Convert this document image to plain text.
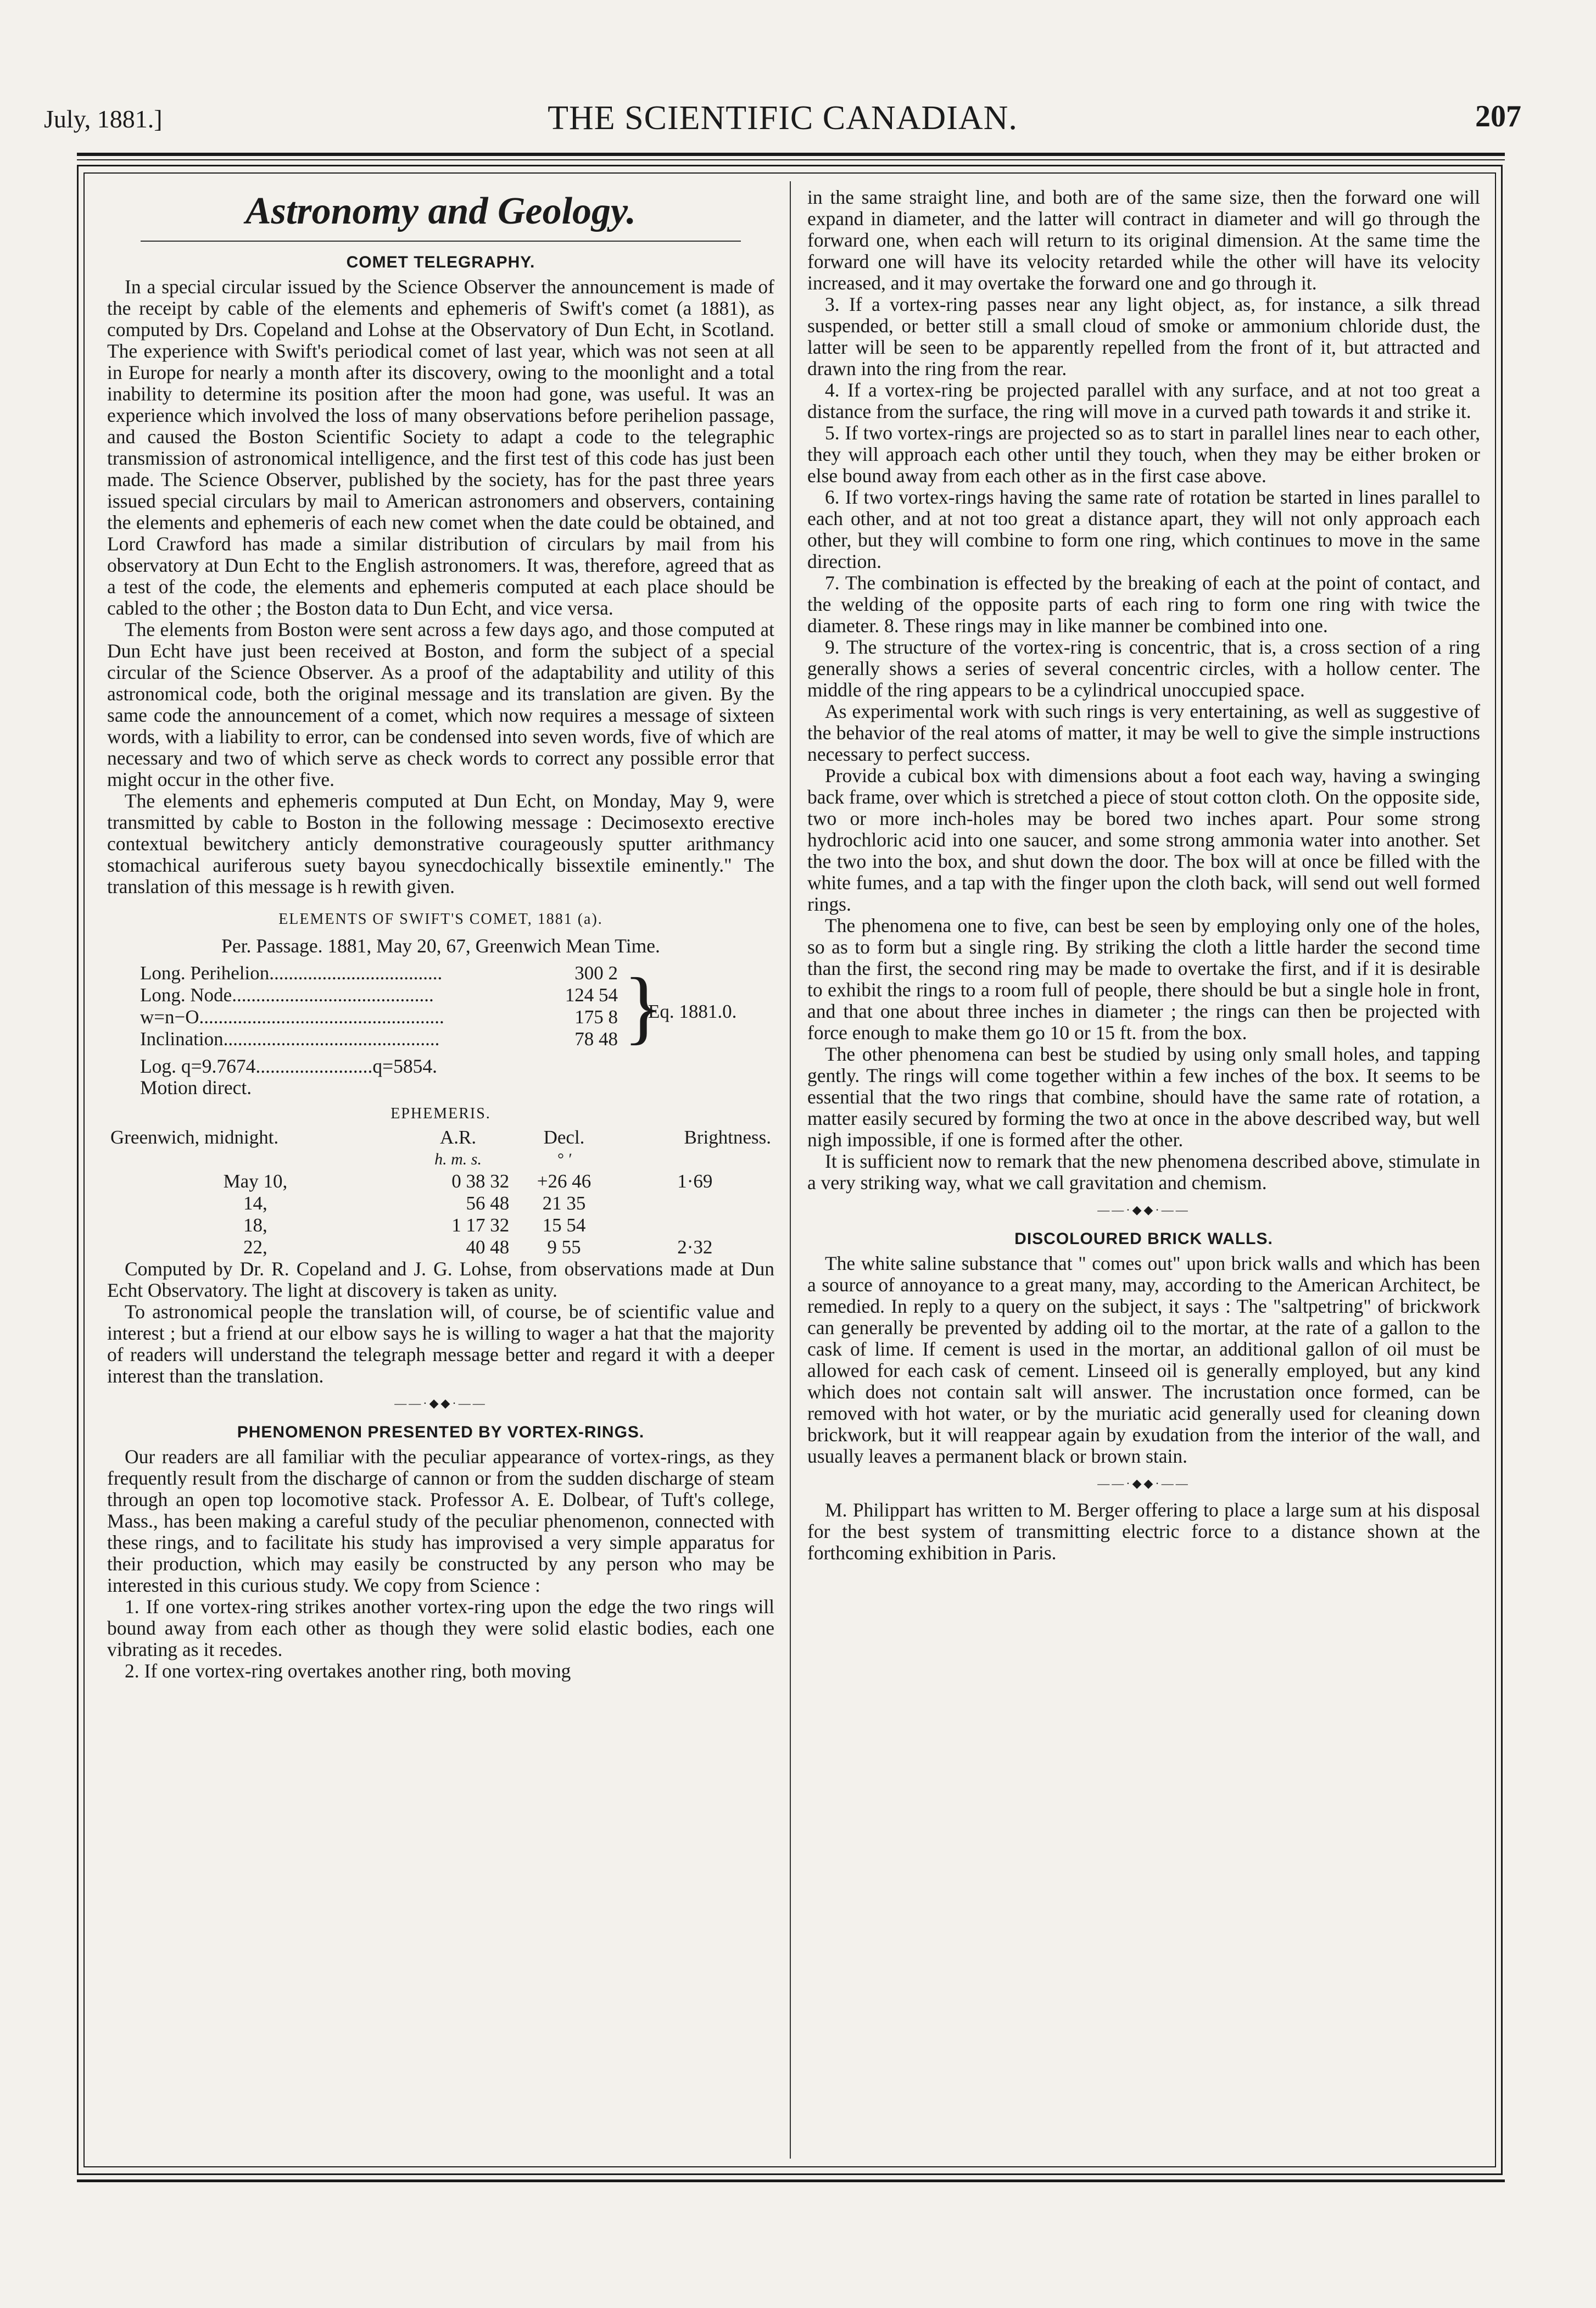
July, 1881.]	THE SCIENTIFIC CANADIAN.	207
Astronomy and Geology.
COMET TELEGRAPHY.

In a special circular issued by the Science Observer the announcement is made of the receipt by cable of the elements and ephemeris of Swift's comet (a 1881), as computed by Drs. Copeland and Lohse at the Observatory of Dun Echt, in Scotland. The experience with Swift's periodical comet of last year, which was not seen at all in Europe for nearly a month after its discovery, owing to the moonlight and a total inability to determine its position after the moon had gone, was useful. It was an experience which involved the loss of many observations before perihelion passage, and caused the Boston Scientific Society to adapt a code to the telegraphic transmission of astronomical intelligence, and the first test of this code has just been made. The Science Observer, published by the society, has for the past three years issued special circulars by mail to American astronomers and observers, containing the elements and ephemeris of each new comet when the date could be obtained, and Lord Crawford has made a similar distribution of circulars by mail from his observatory at Dun Echt to the English astronomers. It was, therefore, agreed that as a test of the code, the elements and ephemeris computed at each place should be cabled to the other ; the Boston data to Dun Echt, and vice versa.

The elements from Boston were sent across a few days ago, and those computed at Dun Echt have just been received at Boston, and form the subject of a special circular of the Science Observer. As a proof of the adaptability and utility of this astronomical code, both the original message and its translation are given. By the same code the announcement of a comet, which now requires a message of sixteen words, with a liability to error, can be condensed into seven words, five of which are necessary and two of which serve as check words to correct any possible error that might occur in the other five.

The elements and ephemeris computed at Dun Echt, on Monday, May 9, were transmitted by cable to Boston in the following message : Decimosexto erective contextual bewitchery anticly demonstrative courageously sputter arithmancy stomachical auriferous suety bayou synecdochically bissextile eminently." The translation of this message is h rewith given.

ELEMENTS OF SWIFT'S COMET, 1881 (a).

Per. Passage. 1881, May 20, 67, Greenwich Mean Time.

Long. Perihelion....................................	300 2
Long. Node..........................................	124 54
w=n−O...................................................	175 8
Inclination.............................................	78 48 }
Eq. 1881.0.
Log. q=9.7674........................q=5854.
Motion direct.
EPHEMERIS.
Greenwich, midnight.	A.R.	Decl.	Brightness.
	h. m. s.	° ′	
May 10,	0 38 32	+26 46	1·69
14,	56 48	21 35	
18,	1 17 32	15 54	
22,	40 48	9 55	2·32

Computed by Dr. R. Copeland and J. G. Lohse, from observations made at Dun Echt Observatory. The light at discovery is taken as unity.

To astronomical people the translation will, of course, be of scientific value and interest ; but a friend at our elbow says he is willing to wager a hat that the majority of readers will understand the telegraph message better and regard it with a deeper interest than the translation.

——·◆◆·——
PHENOMENON PRESENTED BY VORTEX-RINGS.

Our readers are all familiar with the peculiar appearance of vortex-rings, as they frequently result from the discharge of cannon or from the sudden discharge of steam through an open top locomotive stack. Professor A. E. Dolbear, of Tuft's college, Mass., has been making a careful study of the peculiar phenomenon, connected with these rings, and to facilitate his study has improvised a very simple apparatus for their production, which may easily be constructed by any person who may be interested in this curious study. We copy from Science :

1. If one vortex-ring strikes another vortex-ring upon the edge the two rings will bound away from each other as though they were solid elastic bodies, each one vibrating as it recedes.

2. If one vortex-ring overtakes another ring, both moving

in the same straight line, and both are of the same size, then the forward one will expand in diameter, and the latter will contract in diameter and will go through the forward one, when each will return to its original dimension. At the same time the forward one will have its velocity retarded while the other will have its velocity increased, and it may overtake the forward one and go through it.

3. If a vortex-ring passes near any light object, as, for instance, a silk thread suspended, or better still a small cloud of smoke or ammonium chloride dust, the latter will be seen to be apparently repelled from the front of it, but attracted and drawn into the ring from the rear.

4. If a vortex-ring be projected parallel with any surface, and at not too great a distance from the surface, the ring will move in a curved path towards it and strike it.

5. If two vortex-rings are projected so as to start in parallel lines near to each other, they will approach each other until they touch, when they may be either broken or else bound away from each other as in the first case above.

6. If two vortex-rings having the same rate of rotation be started in lines parallel to each other, and at not too great a distance apart, they will not only approach each other, but they will combine to form one ring, which continues to move in the same direction.

7. The combination is effected by the breaking of each at the point of contact, and the welding of the opposite parts of each ring to form one ring with twice the diameter. 8. These rings may in like manner be combined into one.

9. The structure of the vortex-ring is concentric, that is, a cross section of a ring generally shows a series of several concentric circles, with a hollow center. The middle of the ring appears to be a cylindrical unoccupied space.

As experimental work with such rings is very entertaining, as well as suggestive of the behavior of the real atoms of matter, it may be well to give the simple instructions necessary to perfect success.

Provide a cubical box with dimensions about a foot each way, having a swinging back frame, over which is stretched a piece of stout cotton cloth. On the opposite side, two or more inch-holes may be bored two inches apart. Pour some strong hydrochloric acid into one saucer, and some strong ammonia water into another. Set the two into the box, and shut down the door. The box will at once be filled with the white fumes, and a tap with the finger upon the cloth back, will send out well formed rings.

The phenomena one to five, can best be seen by employing only one of the holes, so as to form but a single ring. By striking the cloth a little harder the second time than the first, the second ring may be made to overtake the first, and if it is desirable to exhibit the rings to a room full of people, there should be but a single hole in front, and that one about three inches in diameter ; the rings can then be projected with force enough to make them go 10 or 15 ft. from the box.

The other phenomena can best be studied by using only small holes, and tapping gently. The rings will come together within a few inches of the box. It seems to be essential that the two rings that combine, should have the same rate of rotation, a matter easily secured by forming the two at once in the above described way, but well nigh impossible, if one is formed after the other.

It is sufficient now to remark that the new phenomena described above, stimulate in a very striking way, what we call gravitation and chemism.

——·◆◆·——
DISCOLOURED BRICK WALLS.

The white saline substance that " comes out" upon brick walls and which has been a source of annoyance to a great many, may, according to the American Architect, be remedied. In reply to a query on the subject, it says : The "saltpetring" of brickwork can generally be prevented by adding oil to the mortar, at the rate of a gallon to the cask of lime. If cement is used in the mortar, an additional gallon of oil must be allowed for each cask of cement. Linseed oil is generally employed, but any kind which does not contain salt will answer. The incrustation once formed, can be removed with hot water, or by the muriatic acid generally used for cleaning down brickwork, but it will reappear again by exudation from the interior of the wall, and usually leaves a permanent black or brown stain.

——·◆◆·——

M. Philippart has written to M. Berger offering to place a large sum at his disposal for the best system of transmitting electric force to a distance shown at the forthcoming exhibition in Paris.
